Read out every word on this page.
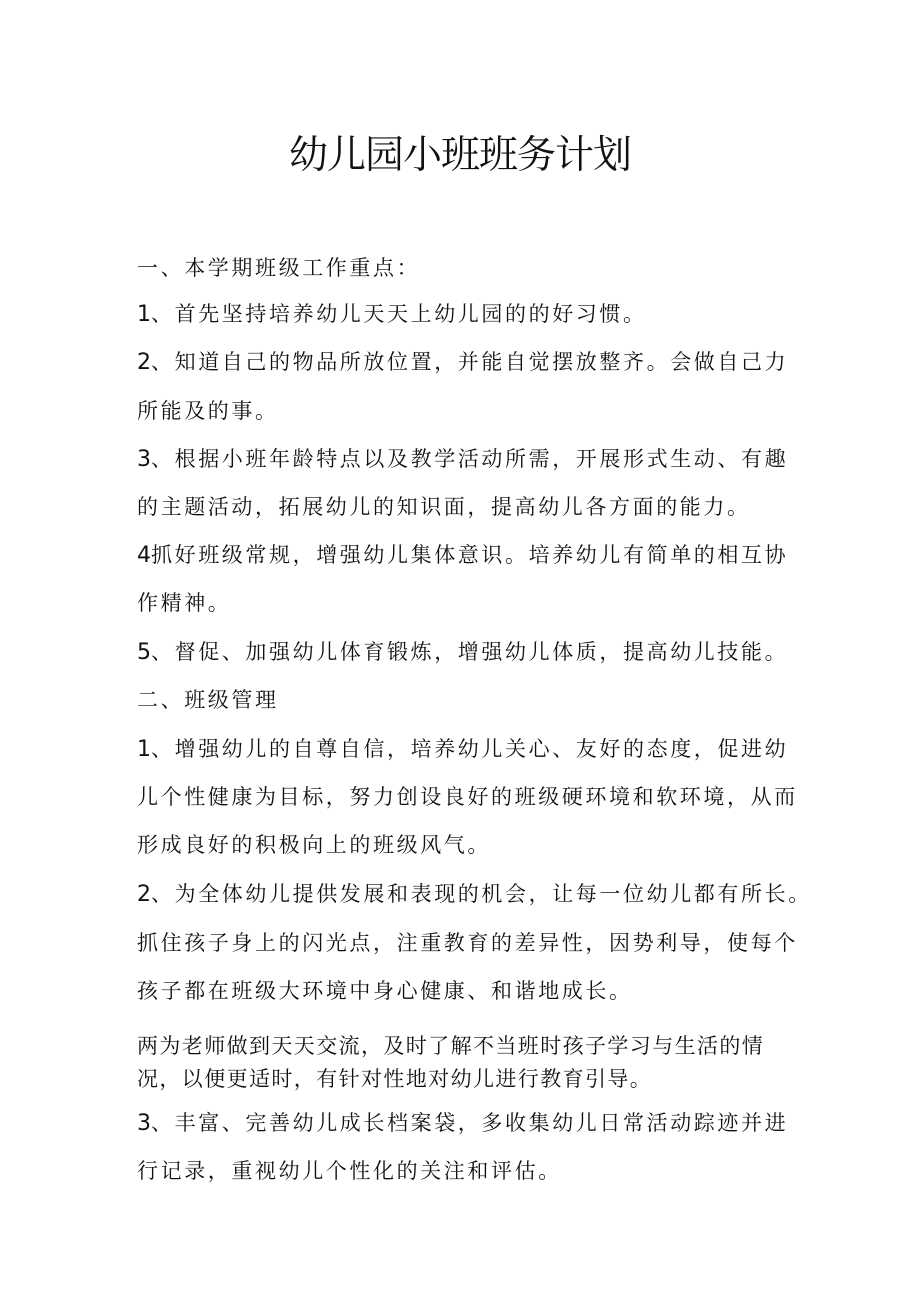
幼儿园小班班务计划
一、本学期班级工作重点：
1、首先坚持培养幼儿天天上幼儿园的的好习惯。
2、知道自己的物品所放位置，并能自觉摆放整齐。会做自己力
所能及的事。
3、根据小班年龄特点以及教学活动所需，开展形式生动、有趣
的主题活动，拓展幼儿的知识面，提高幼儿各方面的能力。
4抓好班级常规，增强幼儿集体意识。培养幼儿有简单的相互协
作精神。
5、督促、加强幼儿体育锻炼，增强幼儿体质，提高幼儿技能。
二、班级管理
1、增强幼儿的自尊自信，培养幼儿关心、友好的态度，促进幼
儿个性健康为目标，努力创设良好的班级硬环境和软环境，从而
形成良好的积极向上的班级风气。
2、为全体幼儿提供发展和表现的机会，让每一位幼儿都有所长。
抓住孩子身上的闪光点，注重教育的差异性，因势利导，使每个
孩子都在班级大环境中身心健康、和谐地成长。
两为老师做到天天交流，及时了解不当班时孩子学习与生活的情
况，以便更适时，有针对性地对幼儿进行教育引导。
3、丰富、完善幼儿成长档案袋，多收集幼儿日常活动踪迹并进
行记录，重视幼儿个性化的关注和评估。
